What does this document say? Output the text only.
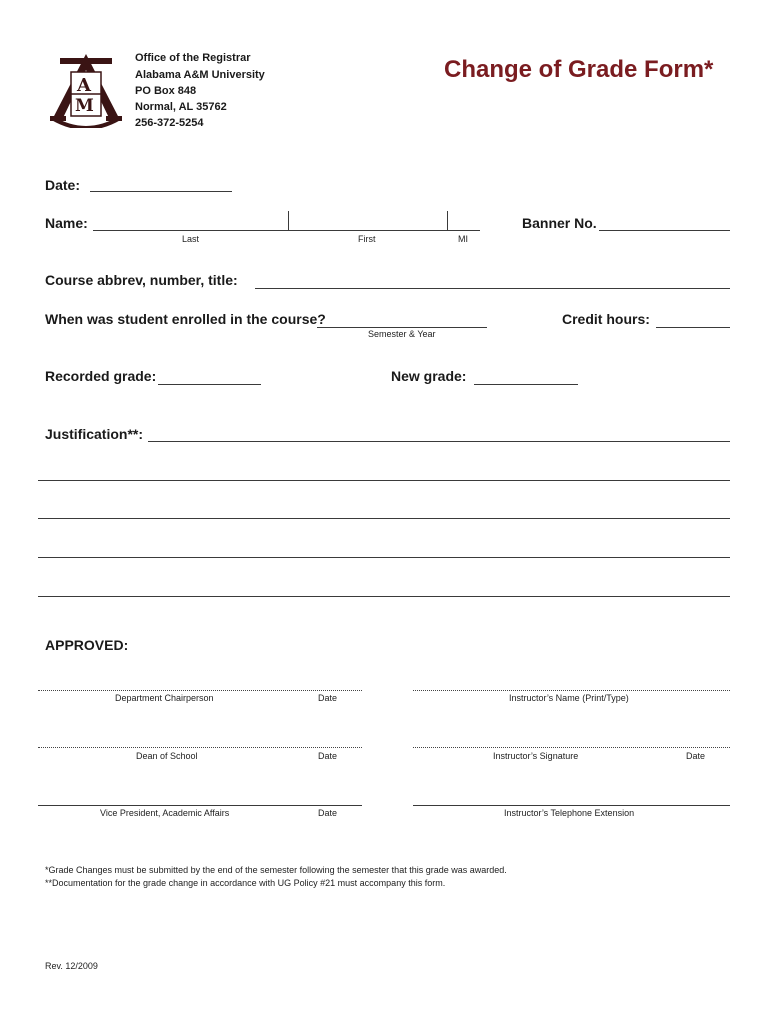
A
M
Office of the Registrar
Alabama A&M University
PO Box 848
Normal, AL 35762
256-372-5254
Change of Grade Form*
Date:
Name:
Last	First	MI
Banner No.
Course abbrev, number, title:
When was student enrolled in the course?
Semester & Year
Credit hours:
Recorded grade:	New grade:
Justification**:
APPROVED:
Department Chairperson	Date	Instructor’s Name (Print/Type)
Dean of School	Date	Instructor’s Signature	Date
Vice President, Academic Affairs	Date	Instructor’s Telephone Extension
*Grade Changes must be submitted by the end of the semester following the semester that this grade was awarded.
**Documentation for the grade change in accordance with UG Policy #21 must accompany this form.
Rev. 12/2009
